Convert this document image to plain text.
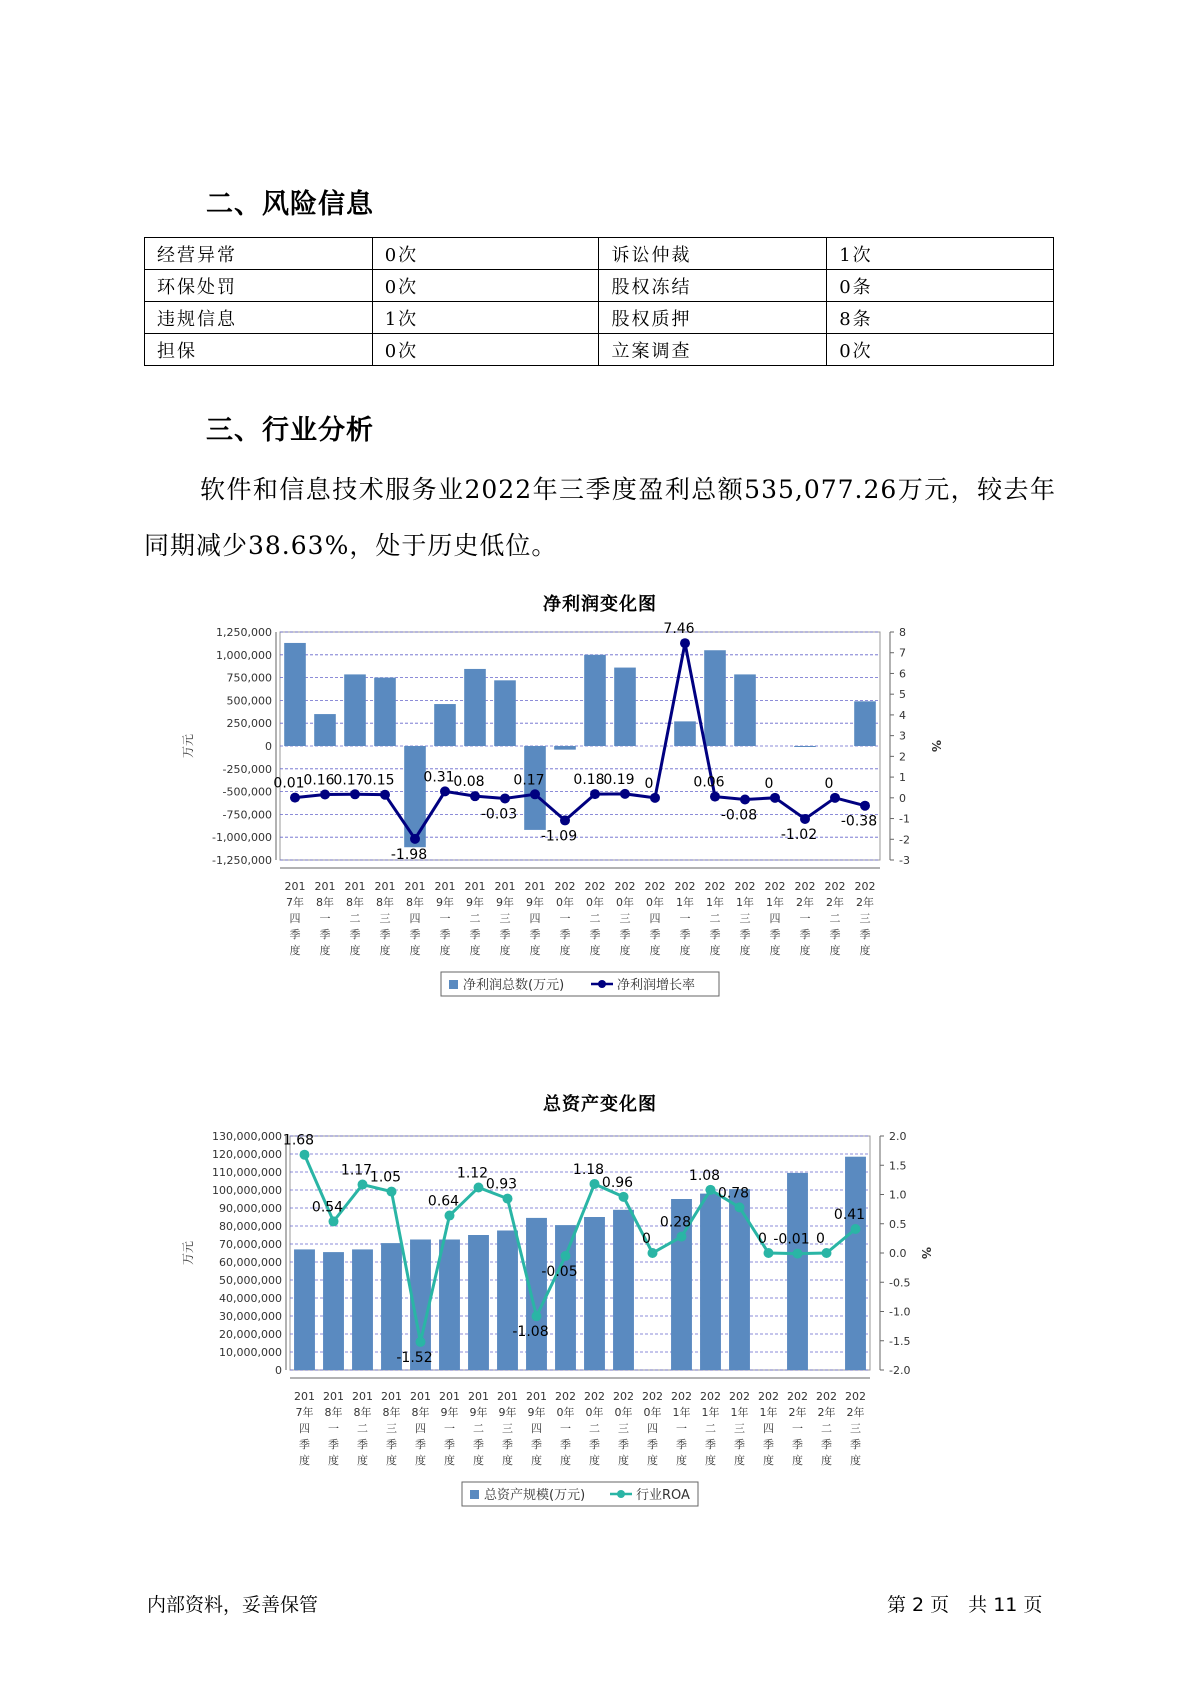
二、风险信息
经营异常	0次	诉讼仲裁	1次
环保处罚	0次	股权冻结	0条
违规信息	1次	股权质押	8条
担保	0次	立案调查	0次
三、行业分析
软件和信息技术服务业2022年三季度盈利总额535,077.26万元，较去年同期减少38.63%，处于历史低位。
净利润变化图
1,250,000
1,000,000
750,000
500,000
250,000
0
-250,000
-500,000
-750,000
-1,000,000
-1,250,000
8
7
6
5
4
3
2
1
0
-1
-2
-3
万元	%
0.01
0.16
0.17
0.15
-1.98
0.31
0.08
-0.03
0.17
-1.09
0.18
0.19 0
7.46
0.06
-0.08
0
-1.02
0
-0.38
201
7年
四
季
度
201
8年
一
季
度
201
8年
二
季
度
201
8年
三
季
度
201
8年
四
季
度
201
9年
一
季
度
201
9年
二
季
度
201
9年
三
季
度
201
9年
四
季
度
202
0年
一
季
度
202
0年
二
季
度
202
0年
三
季
度
202
0年
四
季
度
202
1年
一
季
度
202
1年
二
季
度
202
1年
三
季
度
202
1年
四
季
度
202
2年
一
季
度
202
2年
二
季
度
202
2年
三
季
度
净利润总数(万元)	净利润增长率
总资产变化图
130,000,000
120,000,000
110,000,000
100,000,000
90,000,000
80,000,000
70,000,000
60,000,000
50,000,000
40,000,000
30,000,000
20,000,000
10,000,000
0
2.0
1.5
1.0
0.5
0.0
-0.5
-1.0
-1.5
-2.0
万元	%
1.68
0.54
1.17
1.05
-1.52
0.64
1.12
0.93
-1.08
-0.05
1.18
0.96
0
0.28
1.08
0.78
0 -0.01 0
0.41
201
7年
四
季
度
201
8年
一
季
度
201
8年
二
季
度
201
8年
三
季
度
201
8年
四
季
度
201
9年
一
季
度
201
9年
二
季
度
201
9年
三
季
度
201
9年
四
季
度
202
0年
一
季
度
202
0年
二
季
度
202
0年
三
季
度
202
0年
四
季
度
202
1年
一
季
度
202
1年
二
季
度
202
1年
三
季
度
202
1年
四
季
度
202
2年
一
季
度
202
2年
二
季
度
202
2年
三
季
度
总资产规模(万元)	行业ROA
内部资料，妥善保管	第 2 页　共 11 页
